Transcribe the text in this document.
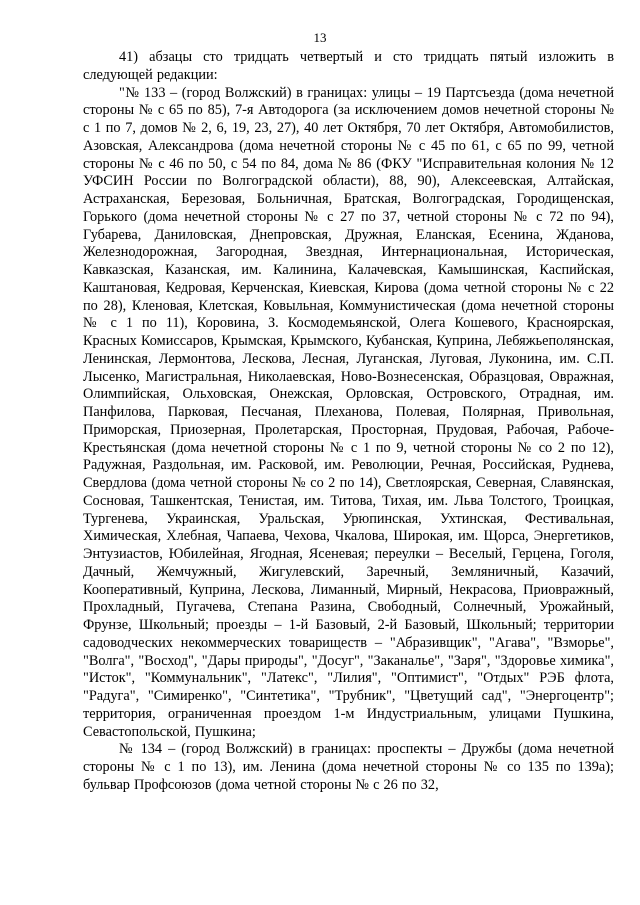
13

41) абзацы сто тридцать четвертый и сто тридцать пятый изложить в следующей редакции:

"№ 133 – (город Волжский) в границах: улицы – 19 Партсъезда (дома нечетной стороны № с 65 по 85), 7-я Автодорога (за исключением домов нечетной стороны № с 1 по 7, домов № 2, 6, 19, 23, 27), 40 лет Октября, 70 лет Октября, Автомобилистов, Азовская, Александрова (дома нечетной стороны № с 45 по 61, с 65 по 99, четной стороны № с 46 по 50, с 54 по 84, дома № 86 (ФКУ "Исправительная колония № 12 УФСИН России по Волгоградской области), 88, 90), Алексеевская, Алтайская, Астраханская, Березовая, Больничная, Братская, Волгоградская, Городищенская, Горького (дома нечетной стороны № с 27 по 37, четной стороны № с 72 по 94), Губарева, Даниловская, Днепровская, Дружная, Еланская, Есенина, Жданова, Железнодорожная, Загородная, Звездная, Интернациональная, Историческая, Кавказская, Казанская, им. Калинина, Калачевская, Камышинская, Каспийская, Каштановая, Кедровая, Керченская, Киевская, Кирова (дома четной стороны № с 22 по 28), Кленовая, Клетская, Ковыльная, Коммунистическая (дома нечетной стороны № с 1 по 11), Коровина, З. Космодемьянской, Олега Кошевого, Красноярская, Красных Комиссаров, Крымская, Крымского, Кубанская, Куприна, Лебяжьеполянская, Ленинская, Лермонтова, Лескова, Лесная, Луганская, Луговая, Луконина, им. С.П. Лысенко, Магистральная, Николаевская, Ново-Вознесенская, Образцовая, Овражная, Олимпийская, Ольховская, Онежская, Орловская, Островского, Отрадная, им. Панфилова, Парковая, Песчаная, Плеханова, Полевая, Полярная, Привольная, Приморская, Приозерная, Пролетарская, Просторная, Прудовая, Рабочая, Рабоче-Крестьянская (дома нечетной стороны № с 1 по 9, четной стороны № со 2 по 12), Радужная, Раздольная, им. Расковой, им. Революции, Речная, Российская, Руднева, Свердлова (дома четной стороны № со 2 по 14), Светлоярская, Северная, Славянская, Сосновая, Ташкентская, Тенистая, им. Титова, Тихая, им. Льва Толстого, Троицкая, Тургенева, Украинская, Уральская, Урюпинская, Ухтинская, Фестивальная, Химическая, Хлебная, Чапаева, Чехова, Чкалова, Широкая, им. Щорса, Энергетиков, Энтузиастов, Юбилейная, Ягодная, Ясеневая; переулки – Веселый, Герцена, Гоголя, Дачный, Жемчужный, Жигулевский, Заречный, Земляничный, Казачий, Кооперативный, Куприна, Лескова, Лиманный, Мирный, Некрасова, Приовражный, Прохладный, Пугачева, Степана Разина, Свободный, Солнечный, Урожайный, Фрунзе, Школьный; проезды – 1-й Базовый, 2-й Базовый, Школьный; территории садоводческих некоммерческих товариществ – "Абразивщик", "Агава", "Взморье", "Волга", "Восход", "Дары природы", "Досуг", "Заканалье", "Заря", "Здоровье химика", "Исток", "Коммунальник", "Латекс", "Лилия", "Оптимист", "Отдых" РЭБ флота, "Радуга", "Симиренко", "Синтетика", "Трубник", "Цветущий сад", "Энергоцентр"; территория, ограниченная проездом 1-м Индустриальным, улицами Пушкина, Севастопольской, Пушкина;

№ 134 – (город Волжский) в границах: проспекты – Дружбы (дома нечетной стороны № с 1 по 13), им. Ленина (дома нечетной стороны № со 135 по 139а); бульвар Профсоюзов (дома четной стороны № с 26 по 32,
